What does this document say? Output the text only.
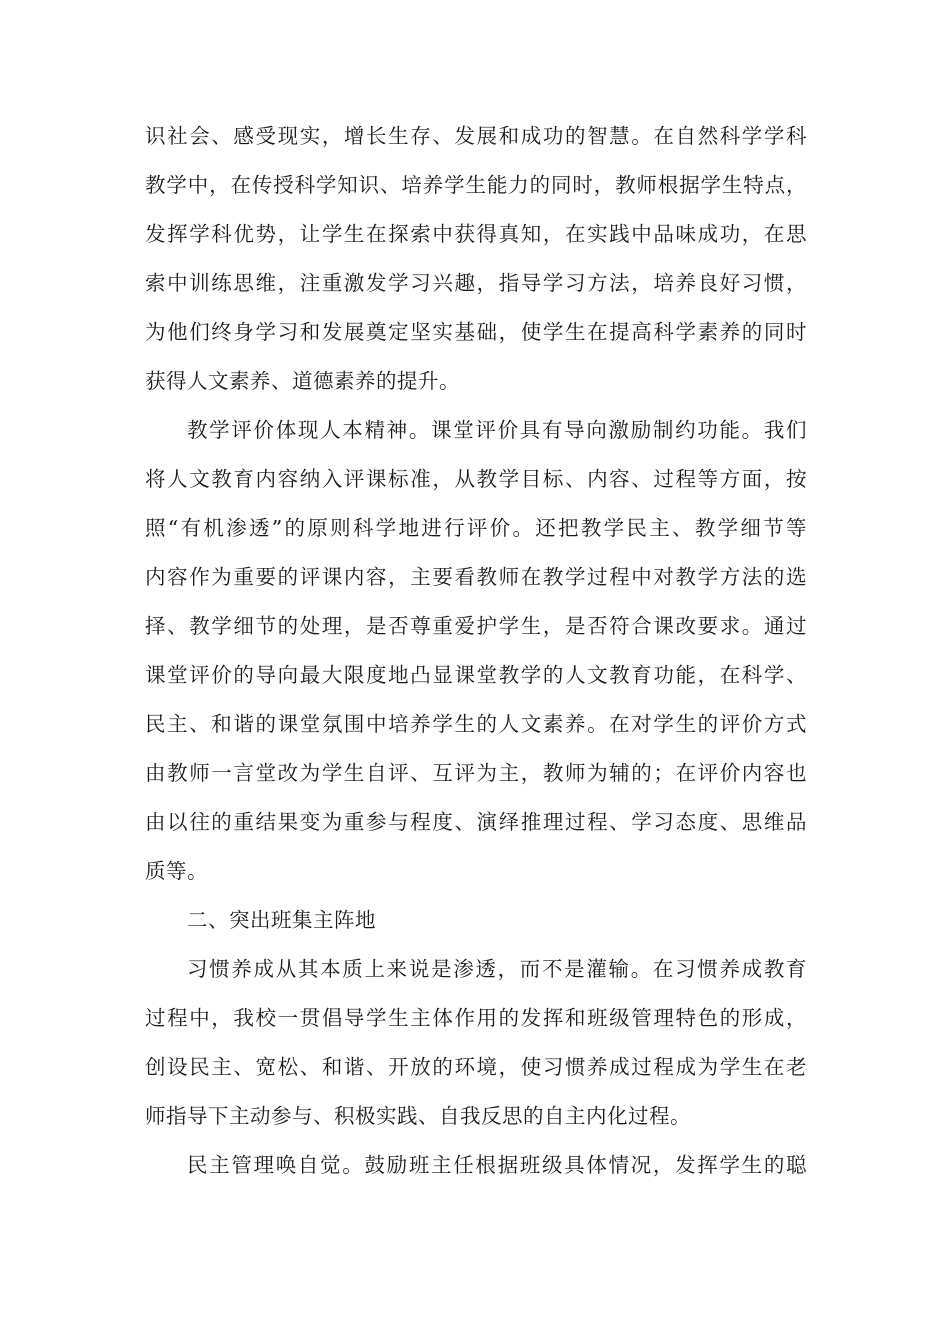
识社会、感受现实，增长生存、发展和成功的智慧。在自然科学学科
教学中，在传授科学知识、培养学生能力的同时，教师根据学生特点，
发挥学科优势，让学生在探索中获得真知，在实践中品味成功，在思
索中训练思维，注重激发学习兴趣，指导学习方法，培养良好习惯，
为他们终身学习和发展奠定坚实基础，使学生在提高科学素养的同时
获得人文素养、道德素养的提升。
教学评价体现人本精神。课堂评价具有导向激励制约功能。我们
将人文教育内容纳入评课标准，从教学目标、内容、过程等方面，按
照“有机渗透”的原则科学地进行评价。还把教学民主、教学细节等
内容作为重要的评课内容，主要看教师在教学过程中对教学方法的选
择、教学细节的处理，是否尊重爱护学生，是否符合课改要求。通过
课堂评价的导向最大限度地凸显课堂教学的人文教育功能，在科学、
民主、和谐的课堂氛围中培养学生的人文素养。在对学生的评价方式
由教师一言堂改为学生自评、互评为主，教师为辅的；在评价内容也
由以往的重结果变为重参与程度、演绎推理过程、学习态度、思维品
质等。
二、突出班集主阵地
习惯养成从其本质上来说是渗透，而不是灌输。在习惯养成教育
过程中，我校一贯倡导学生主体作用的发挥和班级管理特色的形成，
创设民主、宽松、和谐、开放的环境，使习惯养成过程成为学生在老
师指导下主动参与、积极实践、自我反思的自主内化过程。
民主管理唤自觉。鼓励班主任根据班级具体情况，发挥学生的聪
